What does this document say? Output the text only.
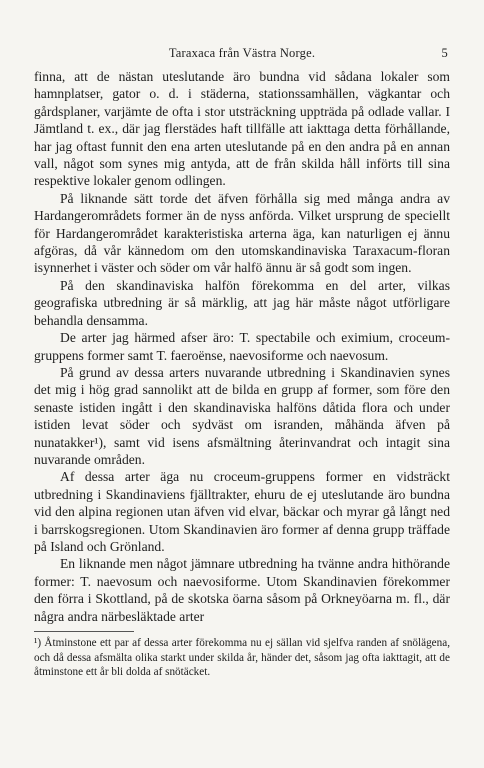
Taraxaca från Västra Norge.	5

finna, att de nästan uteslutande äro bundna vid sådana lokaler som hamnplatser, gator o. d. i städerna, stationssamhällen, vägkantar och gårdsplaner, varjämte de ofta i stor utsträckning uppträda på odlade vallar. I Jämtland t. ex., där jag flerstädes haft tillfälle att iakttaga detta förhållande, har jag oftast funnit den ena arten uteslutande på en den andra på en annan vall, något som synes mig antyda, att de från skilda håll införts till sina respektive lokaler genom odlingen.

På liknande sätt torde det äfven förhålla sig med många andra av Hardangerområdets former än de nyss anförda. Vilket ursprung de speciellt för Hardangerområdet karakteristiska arterna äga, kan naturligen ej ännu afgöras, då vår kännedom om den utomskandinaviska Taraxacum-floran isynnerhet i väster och söder om vår halfö ännu är så godt som ingen.

På den skandinaviska halfön förekomma en del arter, vilkas geografiska utbredning är så märklig, att jag här måste något utförligare behandla densamma.

De arter jag härmed afser äro: T. spectabile och eximium, croceum-gruppens former samt T. faeroënse, naevosiforme och naevosum.

På grund av dessa arters nuvarande utbredning i Skandinavien synes det mig i hög grad sannolikt att de bilda en grupp af former, som före den senaste istiden ingått i den skandinaviska halföns dåtida flora och under istiden levat söder och sydväst om isranden, måhända äfven på nunatakker¹), samt vid isens afsmältning återinvandrat och intagit sina nuvarande områden.

Af dessa arter äga nu croceum-gruppens former en vidsträckt utbredning i Skandinaviens fjälltrakter, ehuru de ej uteslutande äro bundna vid den alpina regionen utan äfven vid elvar, bäckar och myrar gå långt ned i barrskogsregionen. Utom Skandinavien äro former af denna grupp träffade på Island och Grönland.

En liknande men något jämnare utbredning ha tvänne andra hithörande former: T. naevosum och naevosiforme. Utom Skandinavien förekommer den förra i Skottland, på de skotska öarna såsom på Orkneyöarna m. fl., där några andra närbesläktade arter

¹) Åtminstone ett par af dessa arter förekomma nu ej sällan vid sjelfva randen af snölägena, och då dessa afsmälta olika starkt under skilda år, händer det, såsom jag ofta iakttagit, att de åtminstone ett år bli dolda af snötäcket.
